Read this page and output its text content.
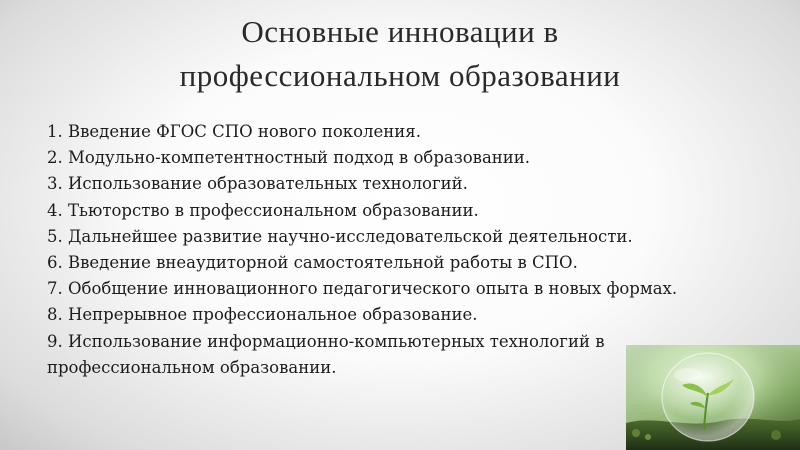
Основные инновации в
профессиональном образовании
1. Введение ФГОС СПО нового поколения.
2. Модульно-компетентностный подход в образовании.
3. Использование образовательных технологий.
4. Тьюторство в профессиональном образовании.
5. Дальнейшее развитие научно-исследовательской деятельности.
6. Введение внеаудиторной самостоятельной работы в СПО.
7. Обобщение инновационного педагогического опыта в новых формах.
8. Непрерывное профессиональное образование.
9. Использование информационно-компьютерных технологий в профессиональном образовании.
